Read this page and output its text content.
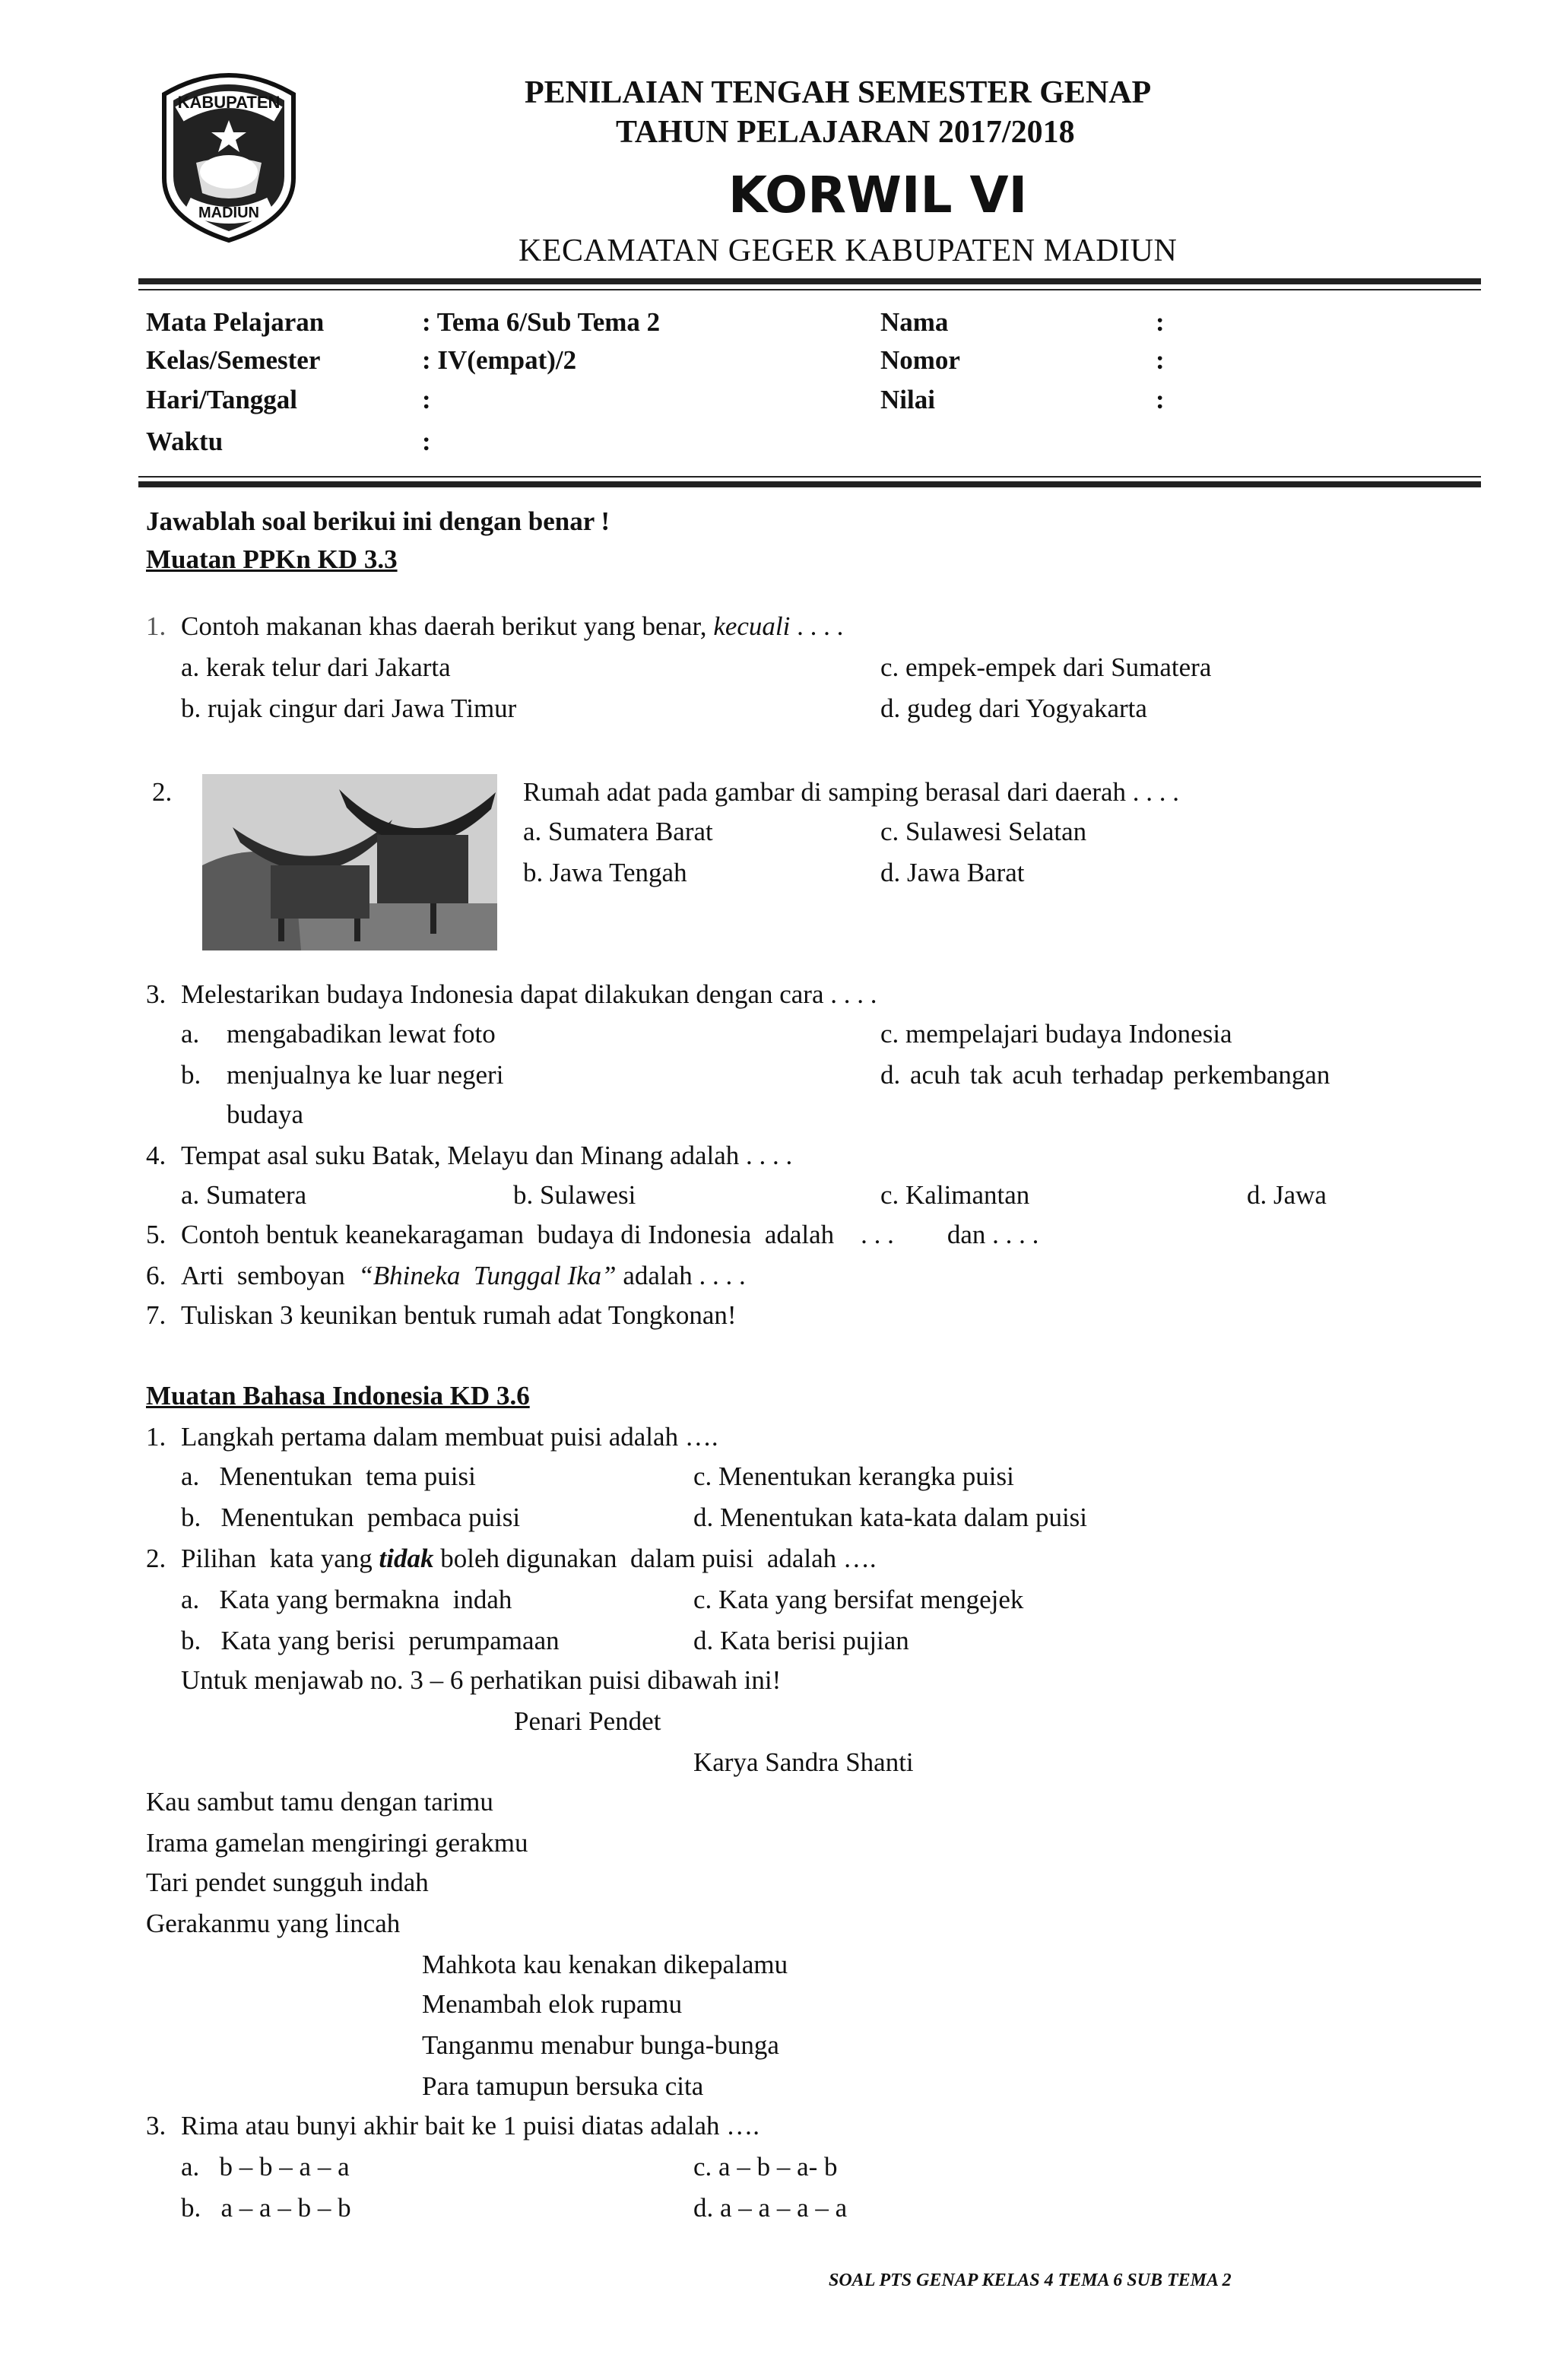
KABUPATEN
MADIUN
PENILAIAN TENGAH SEMESTER GENAP
TAHUN PELAJARAN 2017/2018
KORWIL VI
KECAMATAN GEGER KABUPATEN MADIUN
Mata Pelajaran	: Tema 6/Sub Tema 2
Kelas/Semester	: IV(empat)/2
Hari/Tanggal	:
Waktu	:
Nama	:
Nomor	:
Nilai	:
Jawablah soal berikui ini dengan benar !
Muatan PPKn KD 3.3
1. Contoh makanan khas daerah berikut yang benar, kecuali . . . .
a. kerak telur dari Jakarta	c. empek-empek dari Sumatera
b. rujak cingur dari Jawa Timur	d. gudeg dari Yogyakarta
2.	Rumah adat pada gambar di samping berasal dari daerah . . . .
a. Sumatera Barat	c. Sulawesi Selatan
b. Jawa Tengah	d. Jawa Barat
3. Melestarikan budaya Indonesia dapat dilakukan dengan cara . . . .
a. mengabadikan lewat foto	c. mempelajari budaya Indonesia
b. menjualnya ke luar negeri	d. acuh tak acuh terhadap perkembangan
budaya
4. Tempat asal suku Batak, Melayu dan Minang adalah . . . .
a. Sumatera	b. Sulawesi	c. Kalimantan	d. Jawa
5. Contoh bentuk keanekaragaman  budaya di Indonesia  adalah    . . .        dan . . . .
6. Arti  semboyan  “Bhineka  Tunggal Ika” adalah . . . .
7. Tuliskan 3 keunikan bentuk rumah adat Tongkonan!
Muatan Bahasa Indonesia KD 3.6
1. Langkah pertama dalam membuat puisi adalah ….
a.   Menentukan  tema puisi	c. Menentukan kerangka puisi
b.   Menentukan  pembaca puisi	d. Menentukan kata-kata dalam puisi
2. Pilihan  kata yang tidak boleh digunakan  dalam puisi  adalah ….
a.   Kata yang bermakna  indah	c. Kata yang bersifat mengejek
b.   Kata yang berisi  perumpamaan	d. Kata berisi pujian
Untuk menjawab no. 3 – 6 perhatikan puisi dibawah ini!
Penari Pendet
Karya Sandra Shanti
Kau sambut tamu dengan tarimu
Irama gamelan mengiringi gerakmu
Tari pendet sungguh indah
Gerakanmu yang lincah
Mahkota kau kenakan dikepalamu
Menambah elok rupamu
Tanganmu menabur bunga-bunga
Para tamupun bersuka cita
3. Rima atau bunyi akhir bait ke 1 puisi diatas adalah ….
a.   b – b – a – a	c. a – b – a- b
b.   a – a – b – b	d. a – a – a – a
SOAL PTS GENAP KELAS 4 TEMA 6 SUB TEMA 2
